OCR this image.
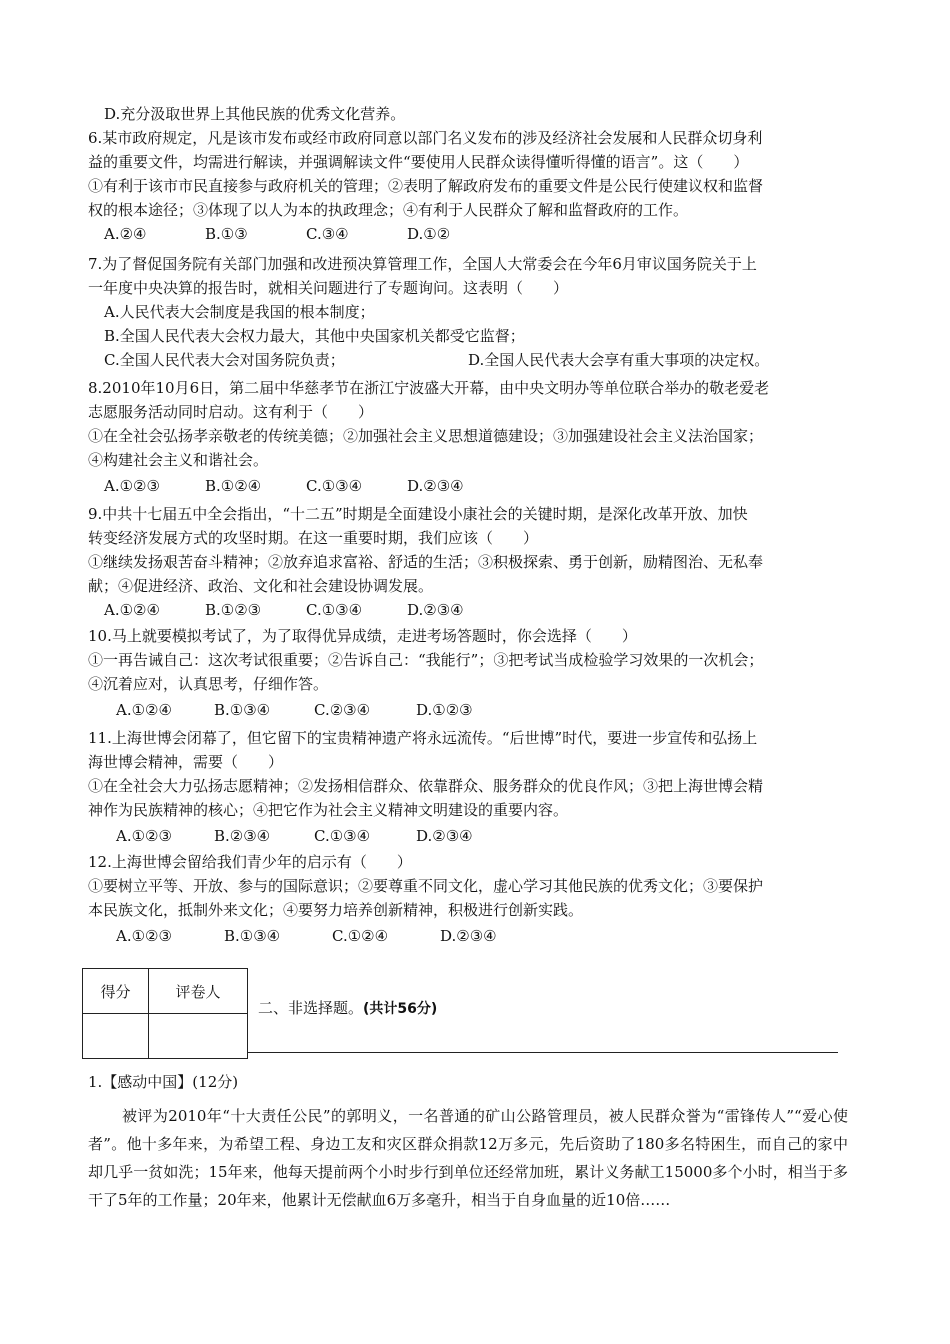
D.充分汲取世界上其他民族的优秀文化营养。
6.某市政府规定，凡是该市发布或经市政府同意以部门名义发布的涉及经济社会发展和人民群众切身利
益的重要文件，均需进行解读，并强调解读文件“要使用人民群众读得懂听得懂的语言”。这（　　）
①有利于该市市民直接参与政府机关的管理；②表明了解政府发布的重要文件是公民行使建议权和监督
权的根本途径；③体现了以人为本的执政理念；④有利于人民群众了解和监督政府的工作。
A.②④	B.①③	C.③④	D.①②
7.为了督促国务院有关部门加强和改进预决算管理工作，全国人大常委会在今年6月审议国务院关于上
一年度中央决算的报告时，就相关问题进行了专题询问。这表明（　　）
A.人民代表大会制度是我国的根本制度；
B.全国人民代表大会权力最大，其他中央国家机关都受它监督；
C.全国人民代表大会对国务院负责；	D.全国人民代表大会享有重大事项的决定权。
8.2010年10月6日，第二届中华慈孝节在浙江宁波盛大开幕，由中央文明办等单位联合举办的敬老爱老
志愿服务活动同时启动。这有利于（　　）
①在全社会弘扬孝亲敬老的传统美德；②加强社会主义思想道德建设；③加强建设社会主义法治国家；
④构建社会主义和谐社会。
A.①②③	B.①②④	C.①③④	D.②③④
9.中共十七届五中全会指出，“十二五”时期是全面建设小康社会的关键时期，是深化改革开放、加快
转变经济发展方式的攻坚时期。在这一重要时期，我们应该（　　）
①继续发扬艰苦奋斗精神；②放弃追求富裕、舒适的生活；③积极探索、勇于创新，励精图治、无私奉
献；④促进经济、政治、文化和社会建设协调发展。
A.①②④	B.①②③	C.①③④	D.②③④
10.马上就要模拟考试了，为了取得优异成绩，走进考场答题时，你会选择（　　）
①一再告诫自己：这次考试很重要；②告诉自己：“我能行”；③把考试当成检验学习效果的一次机会；
④沉着应对，认真思考，仔细作答。
A.①②④	B.①③④	C.②③④	D.①②③
11.上海世博会闭幕了，但它留下的宝贵精神遗产将永远流传。“后世博”时代，要进一步宣传和弘扬上
海世博会精神，需要（　　）
①在全社会大力弘扬志愿精神；②发扬相信群众、依靠群众、服务群众的优良作风；③把上海世博会精
神作为民族精神的核心；④把它作为社会主义精神文明建设的重要内容。
A.①②③	B.②③④	C.①③④	D.②③④
12.上海世博会留给我们青少年的启示有（　　）
①要树立平等、开放、参与的国际意识；②要尊重不同文化，虚心学习其他民族的优秀文化；③要保护
本民族文化，抵制外来文化；④要努力培养创新精神，积极进行创新实践。
A.①②③	B.①③④	C.①②④	D.②③④
得分	评卷人

二、非选择题。(共计56分)
1.【感动中国】(12分)
被评为2010年“十大责任公民”的郭明义，一名普通的矿山公路管理员，被人民群众誉为“雷锋传人”“爱心使者”。他十多年来，为希望工程、身边工友和灾区群众捐款12万多元，先后资助了180多名特困生，而自己的家中却几乎一贫如洗；15年来，他每天提前两个小时步行到单位还经常加班，累计义务献工15000多个小时，相当于多干了5年的工作量；20年来，他累计无偿献血6万多毫升，相当于自身血量的近10倍……
